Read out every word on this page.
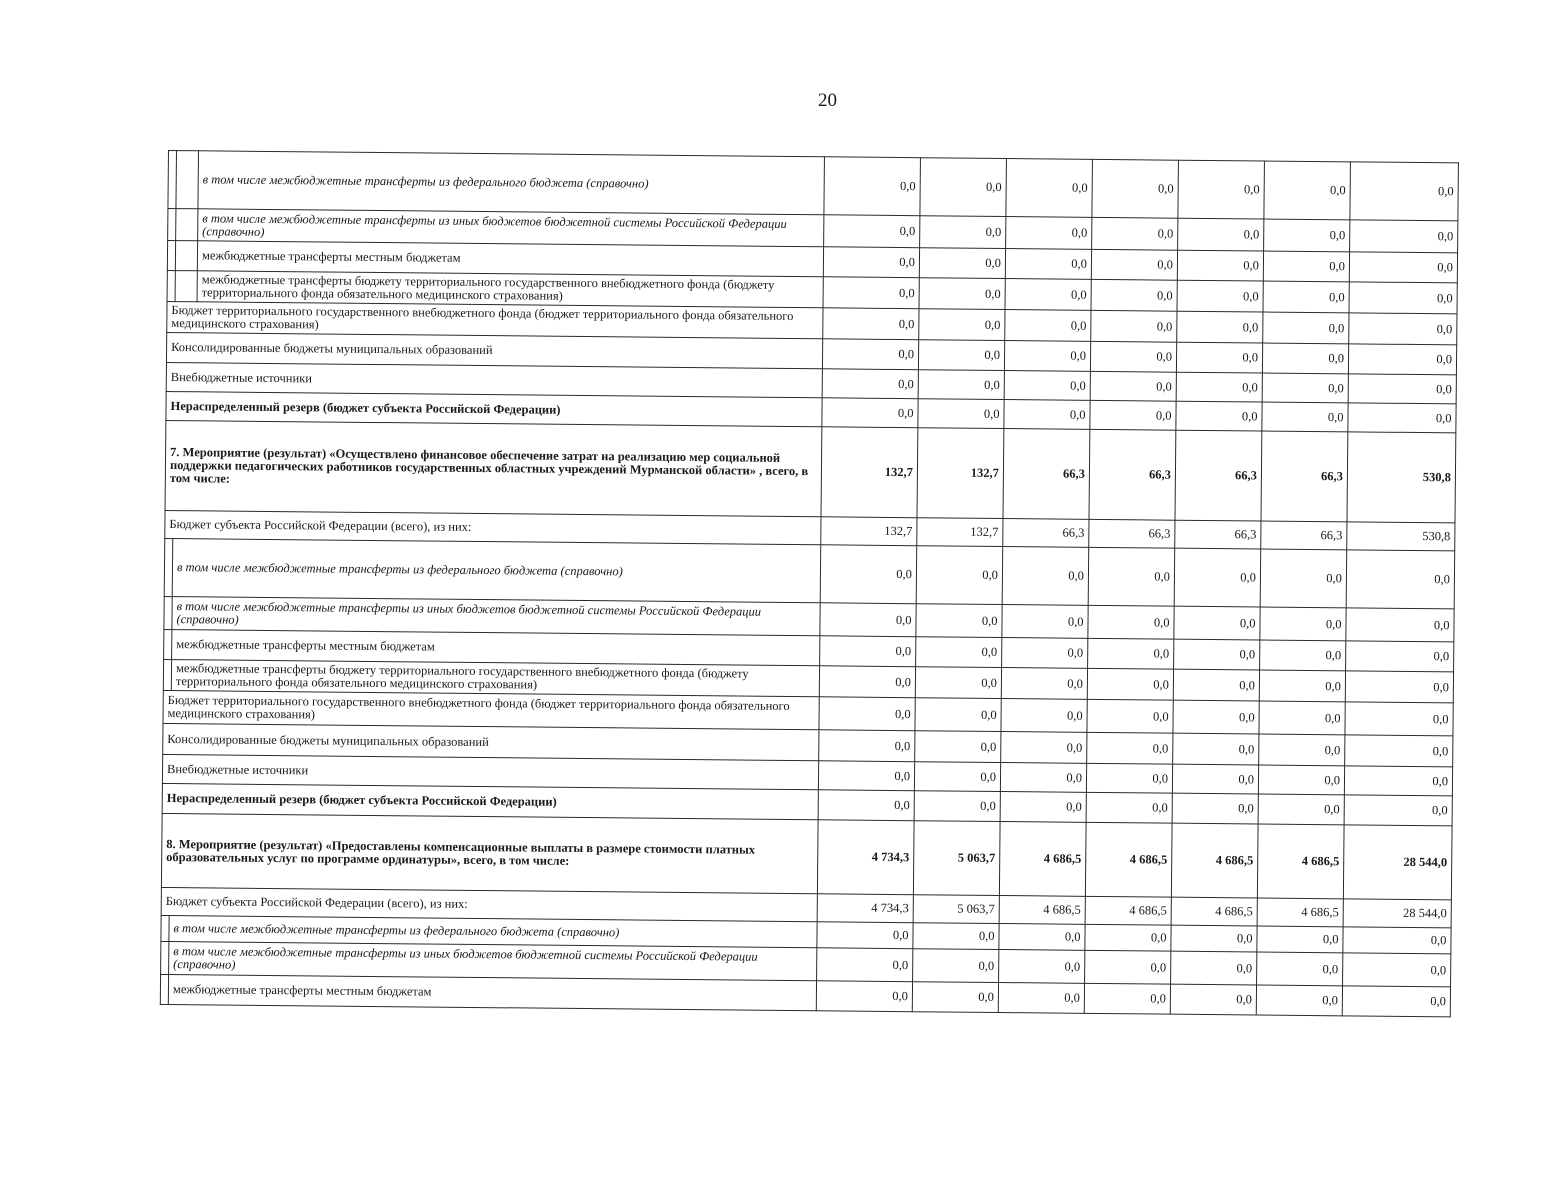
20
		в том числе межбюджетные трансферты из федерального бюджета (справочно)	0,0	0,0	0,0	0,0	0,0	0,0	0,0
		в том числе межбюджетные трансферты из иных бюджетов бюджетной системы Российской Федерации (справочно)	0,0	0,0	0,0	0,0	0,0	0,0	0,0
		межбюджетные трансферты местным бюджетам	0,0	0,0	0,0	0,0	0,0	0,0	0,0
		межбюджетные трансферты бюджету территориального государственного внебюджетного фонда (бюджету территориального фонда обязательного медицинского страхования)	0,0	0,0	0,0	0,0	0,0	0,0	0,0
Бюджет территориального государственного внебюджетного фонда (бюджет территориального фонда обязательного медицинского страхования)			0,0	0,0	0,0	0,0	0,0	0,0	0,0
Консолидированные бюджеты муниципальных образований			0,0	0,0	0,0	0,0	0,0	0,0	0,0
Внебюджетные источники			0,0	0,0	0,0	0,0	0,0	0,0	0,0
Нераспределенный резерв (бюджет субъекта Российской Федерации)			0,0	0,0	0,0	0,0	0,0	0,0	0,0
7. Мероприятие (результат) «Осуществлено финансовое обеспечение затрат на реализацию мер социальной поддержки педагогических работников государственных областных учреждений Мурманской области» , всего, в том числе:			132,7	132,7	66,3	66,3	66,3	66,3	530,8
Бюджет субъекта Российской Федерации (всего), из них:			132,7	132,7	66,3	66,3	66,3	66,3	530,8
	в том числе межбюджетные трансферты из федерального бюджета (справочно)		0,0	0,0	0,0	0,0	0,0	0,0	0,0
	в том числе межбюджетные трансферты из иных бюджетов бюджетной системы Российской Федерации (справочно)		0,0	0,0	0,0	0,0	0,0	0,0	0,0
	межбюджетные трансферты местным бюджетам		0,0	0,0	0,0	0,0	0,0	0,0	0,0
	межбюджетные трансферты бюджету территориального государственного внебюджетного фонда (бюджету территориального фонда обязательного медицинского страхования)		0,0	0,0	0,0	0,0	0,0	0,0	0,0
Бюджет территориального государственного внебюджетного фонда (бюджет территориального фонда обязательного медицинского страхования)			0,0	0,0	0,0	0,0	0,0	0,0	0,0
Консолидированные бюджеты муниципальных образований			0,0	0,0	0,0	0,0	0,0	0,0	0,0
Внебюджетные источники			0,0	0,0	0,0	0,0	0,0	0,0	0,0
Нераспределенный резерв (бюджет субъекта Российской Федерации)			0,0	0,0	0,0	0,0	0,0	0,0	0,0
8. Мероприятие (результат) «Предоставлены компенсационные выплаты в размере стоимости платных образовательных услуг по программе ординатуры», всего, в том числе:			4 734,3	5 063,7	4 686,5	4 686,5	4 686,5	4 686,5	28 544,0
Бюджет субъекта Российской Федерации (всего), из них:			4 734,3	5 063,7	4 686,5	4 686,5	4 686,5	4 686,5	28 544,0
	в том числе межбюджетные трансферты из федерального бюджета (справочно)		0,0	0,0	0,0	0,0	0,0	0,0	0,0
	в том числе межбюджетные трансферты из иных бюджетов бюджетной системы Российской Федерации (справочно)		0,0	0,0	0,0	0,0	0,0	0,0	0,0
	межбюджетные трансферты местным бюджетам		0,0	0,0	0,0	0,0	0,0	0,0	0,0
